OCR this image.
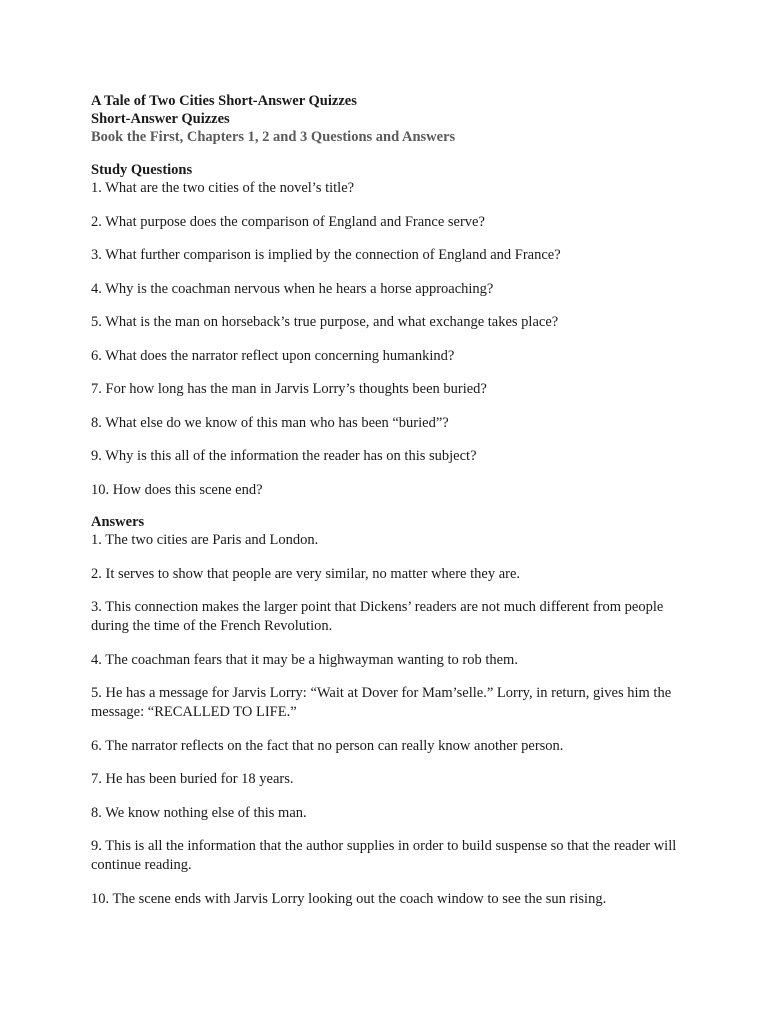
A Tale of Two Cities Short-Answer Quizzes

Short-Answer Quizzes

Book the First, Chapters 1, 2 and 3 Questions and Answers

Study Questions

1. What are the two cities of the novel’s title?
2. What purpose does the comparison of England and France serve?
3. What further comparison is implied by the connection of England and France?
4. Why is the coachman nervous when he hears a horse approaching?
5. What is the man on horseback’s true purpose, and what exchange takes place?
6. What does the narrator reflect upon concerning humankind?
7. For how long has the man in Jarvis Lorry’s thoughts been buried?
8. What else do we know of this man who has been “buried”?
9. Why is this all of the information the reader has on this subject?
10. How does this scene end?

Answers

1. The two cities are Paris and London.
2. It serves to show that people are very similar, no matter where they are.
3. This connection makes the larger point that Dickens’ readers are not much different from people during the time of the French Revolution.
4. The coachman fears that it may be a highwayman wanting to rob them.
5. He has a message for Jarvis Lorry: “Wait at Dover for Mam’selle.” Lorry, in return, gives him the message: “RECALLED TO LIFE.”
6. The narrator reflects on the fact that no person can really know another person.
7. He has been buried for 18 years.
8. We know nothing else of this man.
9. This is all the information that the author supplies in order to build suspense so that the reader will continue reading.
10. The scene ends with Jarvis Lorry looking out the coach window to see the sun rising.
